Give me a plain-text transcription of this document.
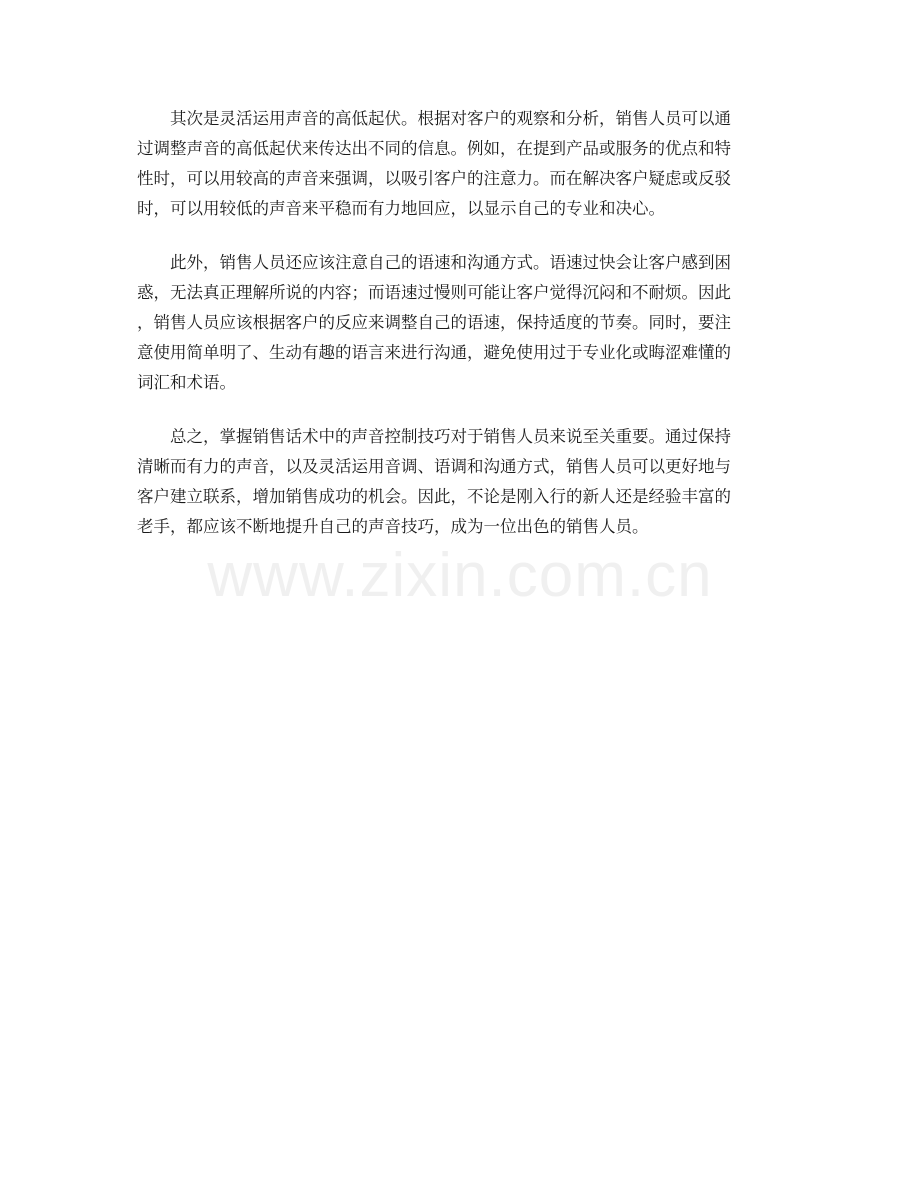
其次是灵活运用声音的高低起伏。根据对客户的观察和分析，销售人员可以通
过调整声音的高低起伏来传达出不同的信息。例如，在提到产品或服务的优点和特
性时，可以用较高的声音来强调，以吸引客户的注意力。而在解决客户疑虑或反驳
时，可以用较低的声音来平稳而有力地回应，以显示自己的专业和决心。

此外，销售人员还应该注意自己的语速和沟通方式。语速过快会让客户感到困
惑，无法真正理解所说的内容；而语速过慢则可能让客户觉得沉闷和不耐烦。因此
，销售人员应该根据客户的反应来调整自己的语速，保持适度的节奏。同时，要注
意使用简单明了、生动有趣的语言来进行沟通，避免使用过于专业化或晦涩难懂的
词汇和术语。

总之，掌握销售话术中的声音控制技巧对于销售人员来说至关重要。通过保持
清晰而有力的声音，以及灵活运用音调、语调和沟通方式，销售人员可以更好地与
客户建立联系，增加销售成功的机会。因此，不论是刚入行的新人还是经验丰富的
老手，都应该不断地提升自己的声音技巧，成为一位出色的销售人员。

www.zixin.com.cn
